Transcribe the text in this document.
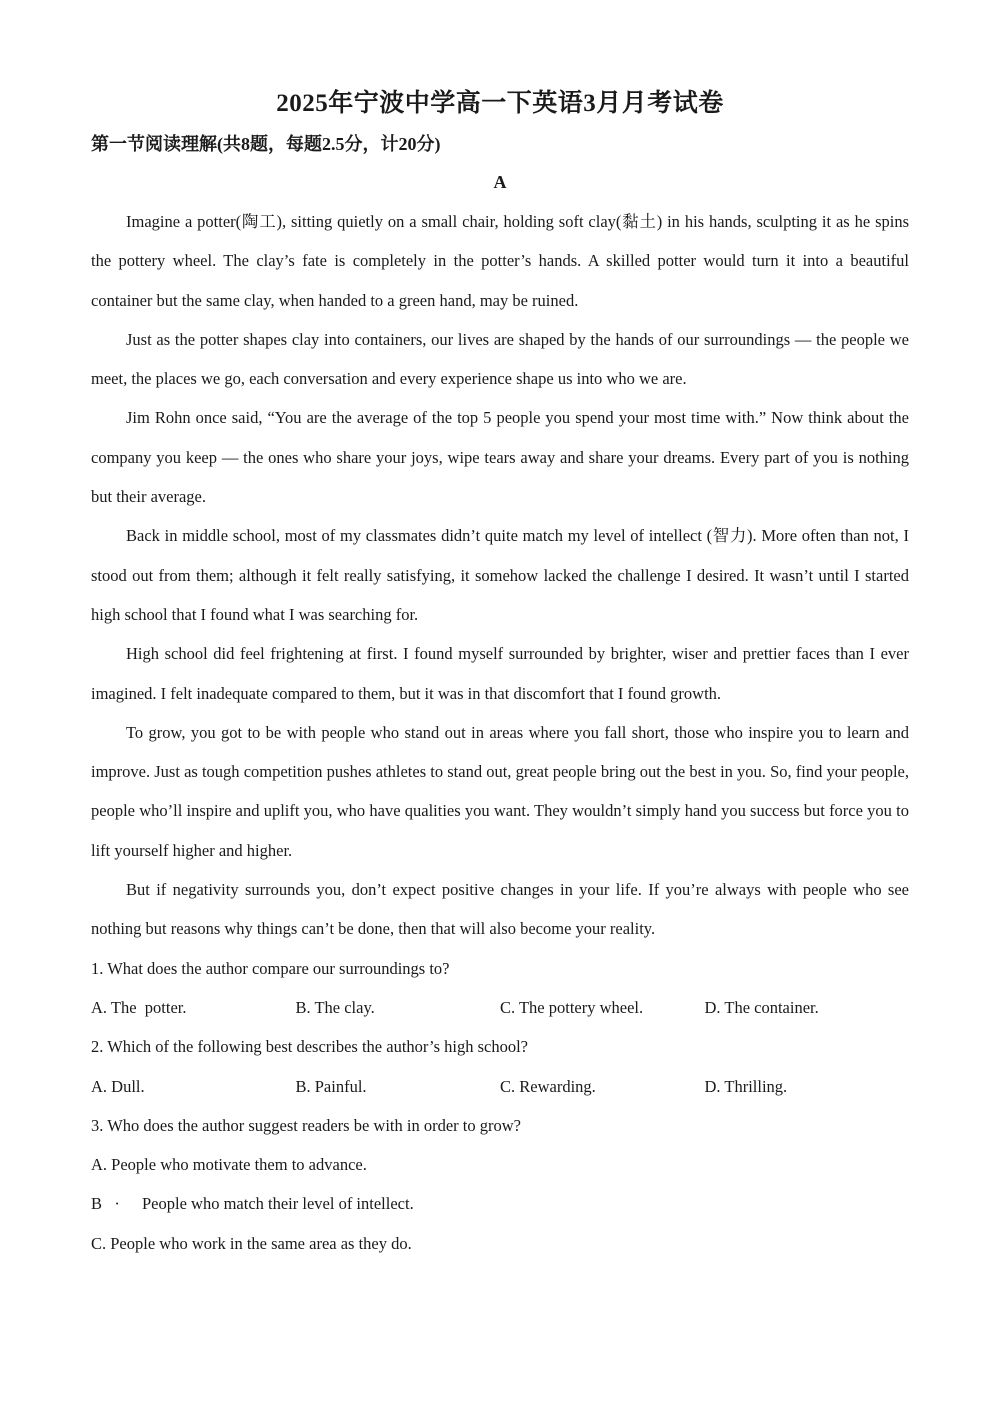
2025年宁波中学高一下英语3月月考试卷
第一节阅读理解(共8题，每题2.5分，计20分)
A

Imagine a potter(陶工), sitting quietly on a small chair, holding soft clay(黏土) in his hands, sculpting it as he spins the pottery wheel. The clay’s fate is completely in the potter’s hands. A skilled potter would turn it into a beautiful container but the same clay, when handed to a green hand, may be ruined.

Just as the potter shapes clay into containers, our lives are shaped by the hands of our surroundings — the people we meet, the places we go, each conversation and every experience shape us into who we are.

Jim Rohn once said, “You are the average of the top 5 people you spend your most time with.” Now think about the company you keep — the ones who share your joys, wipe tears away and share your dreams. Every part of you is nothing but their average.

Back in middle school, most of my classmates didn’t quite match my level of intellect (智力). More often than not, I stood out from them; although it felt really satisfying, it somehow lacked the challenge I desired. It wasn’t until I started high school that I found what I was searching for.

High school did feel frightening at first. I found myself surrounded by brighter, wiser and prettier faces than I ever imagined. I felt inadequate compared to them, but it was in that discomfort that I found growth.

To grow, you got to be with people who stand out in areas where you fall short, those who inspire you to learn and improve. Just as tough competition pushes athletes to stand out, great people bring out the best in you. So, find your people, people who’ll inspire and uplift you, who have qualities you want. They wouldn’t simply hand you success but force you to lift yourself higher and higher.

But if negativity surrounds you, don’t expect positive changes in your life. If you’re always with people who see nothing but reasons why things can’t be done, then that will also become your reality.

1. What does the author compare our surroundings to?

A. The  potter.	B. The clay.	C. The pottery wheel.	D. The container.

2. Which of the following best describes the author’s high school?

A. Dull.	B. Painful.	C. Rewarding.	D. Thrilling.

3. Who does the author suggest readers be with in order to grow?

A. People who motivate them to advance.

B   · People who match their level of intellect.

C. People who work in the same area as they do.
